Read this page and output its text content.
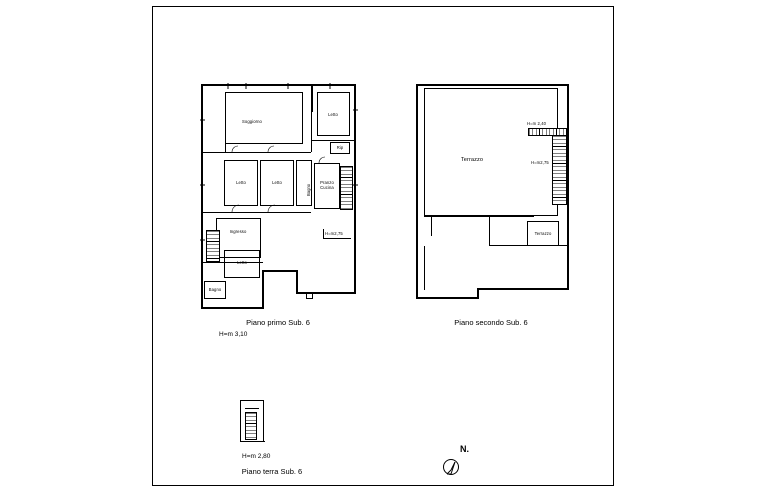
Soggiorno
Letto
Rip
Letto	Letto
Bagno
Pranzo
Cucina
Ingresso
Letto
Bagno
H=m2,75
Piano primo Sub. 6
H=m 3,10
Terrazzo
Terrazzo
H=m 2,40
H=m2,75
Piano secondo Sub. 6
H=m 2,80
Piano terra Sub. 6
N.
